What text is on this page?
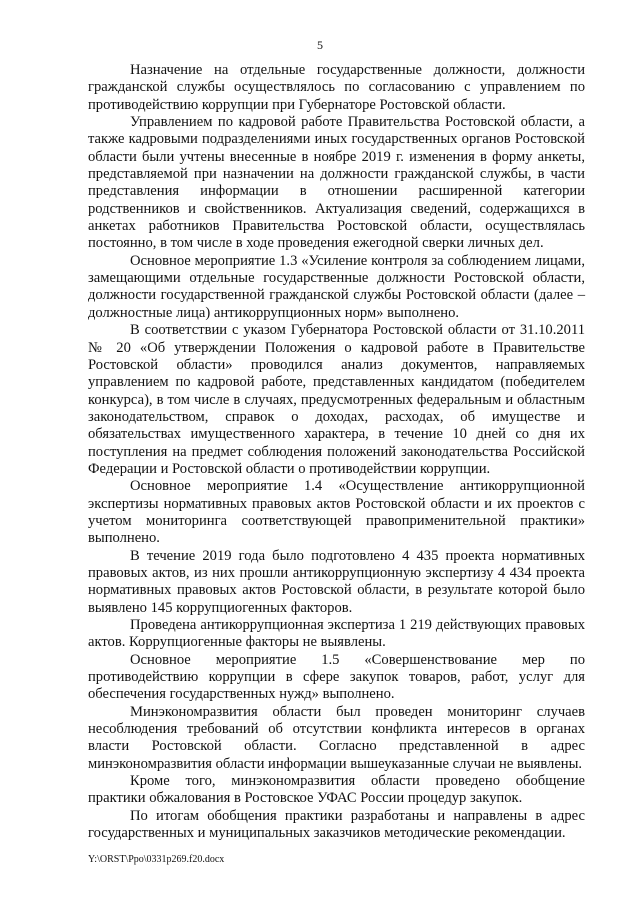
5

Назначение на отдельные государственные должности, должности гражданской службы осуществлялось по согласованию с управлением по противодействию коррупции при Губернаторе Ростовской области.

Управлением по кадровой работе Правительства Ростовской области, а также кадровыми подразделениями иных государственных органов Ростовской области были учтены внесенные в ноябре 2019 г. изменения в форму анкеты, представляемой при назначении на должности гражданской службы, в части представления информации в отношении расширенной категории родственников и свойственников. Актуализация сведений, содержащихся в анкетах работников Правительства Ростовской области, осуществлялась постоянно, в том числе в ходе проведения ежегодной сверки личных дел.

Основное мероприятие 1.3 «Усиление контроля за соблюдением лицами, замещающими отдельные государственные должности Ростовской области, должности государственной гражданской службы Ростовской области (далее – должностные лица) антикоррупционных норм» выполнено.

В соответствии с указом Губернатора Ростовской области от 31.10.2011 № 20 «Об утверждении Положения о кадровой работе в Правительстве Ростовской области» проводился анализ документов, направляемых управлением по кадровой работе, представленных кандидатом (победителем конкурса), в том числе в случаях, предусмотренных федеральным и областным законодательством, справок о доходах, расходах, об имуществе и обязательствах имущественного характера, в течение 10 дней со дня их поступления на предмет соблюдения положений законодательства Российской Федерации и Ростовской области о противодействии коррупции.

Основное мероприятие 1.4 «Осуществление антикоррупционной экспертизы нормативных правовых актов Ростовской области и их проектов с учетом мониторинга соответствующей правоприменительной практики» выполнено.

В течение 2019 года было подготовлено 4 435 проекта нормативных правовых актов, из них прошли антикоррупционную экспертизу 4 434 проекта нормативных правовых актов Ростовской области, в результате которой было выявлено 145 коррупциогенных факторов.

Проведена антикоррупционная экспертиза 1 219 действующих правовых актов. Коррупциогенные факторы не выявлены.

Основное мероприятие 1.5 «Совершенствование мер по противодействию коррупции в сфере закупок товаров, работ, услуг для обеспечения государственных нужд» выполнено.

Минэкономразвития области был проведен мониторинг случаев несоблюдения требований об отсутствии конфликта интересов в органах власти Ростовской области. Согласно представленной в адрес минэкономразвития области информации вышеуказанные случаи не выявлены.

Кроме того, минэкономразвития области проведено обобщение практики обжалования в Ростовское УФАС России процедур закупок.

По итогам обобщения практики разработаны и направлены в адрес государственных и муниципальных заказчиков методические рекомендации.

Y:\ORST\Ppo\0331p269.f20.docx
